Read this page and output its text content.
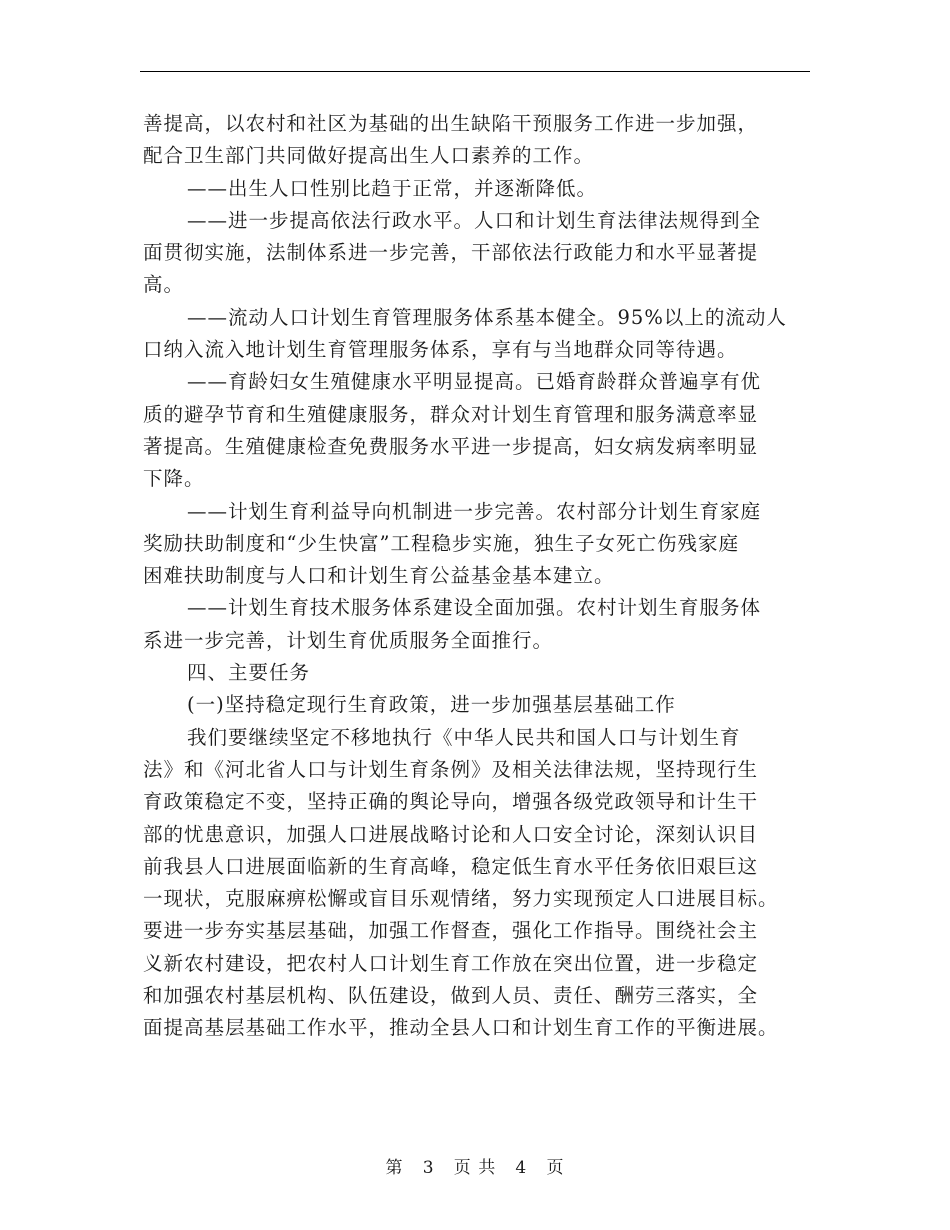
善提高，以农村和社区为基础的出生缺陷干预服务工作进一步加强，
配合卫生部门共同做好提高出生人口素养的工作。
——出生人口性别比趋于正常，并逐渐降低。
——进一步提高依法行政水平。人口和计划生育法律法规得到全
面贯彻实施，法制体系进一步完善，干部依法行政能力和水平显著提
高。
——流动人口计划生育管理服务体系基本健全。95%以上的流动人
口纳入流入地计划生育管理服务体系，享有与当地群众同等待遇。
——育龄妇女生殖健康水平明显提高。已婚育龄群众普遍享有优
质的避孕节育和生殖健康服务，群众对计划生育管理和服务满意率显
著提高。生殖健康检查免费服务水平进一步提高，妇女病发病率明显
下降。
——计划生育利益导向机制进一步完善。农村部分计划生育家庭
奖励扶助制度和“少生快富”工程稳步实施，独生子女死亡伤残家庭
困难扶助制度与人口和计划生育公益基金基本建立。
——计划生育技术服务体系建设全面加强。农村计划生育服务体
系进一步完善，计划生育优质服务全面推行。
四、主要任务
(一)坚持稳定现行生育政策，进一步加强基层基础工作
我们要继续坚定不移地执行《中华人民共和国人口与计划生育
法》和《河北省人口与计划生育条例》及相关法律法规，坚持现行生
育政策稳定不变，坚持正确的舆论导向，增强各级党政领导和计生干
部的忧患意识，加强人口进展战略讨论和人口安全讨论，深刻认识目
前我县人口进展面临新的生育高峰，稳定低生育水平任务依旧艰巨这
一现状，克服麻痹松懈或盲目乐观情绪，努力实现预定人口进展目标。
要进一步夯实基层基础，加强工作督查，强化工作指导。围绕社会主
义新农村建设，把农村人口计划生育工作放在突出位置，进一步稳定
和加强农村基层机构、队伍建设，做到人员、责任、酬劳三落实，全
面提高基层基础工作水平，推动全县人口和计划生育工作的平衡进展。
第 3 页 共 4 页
